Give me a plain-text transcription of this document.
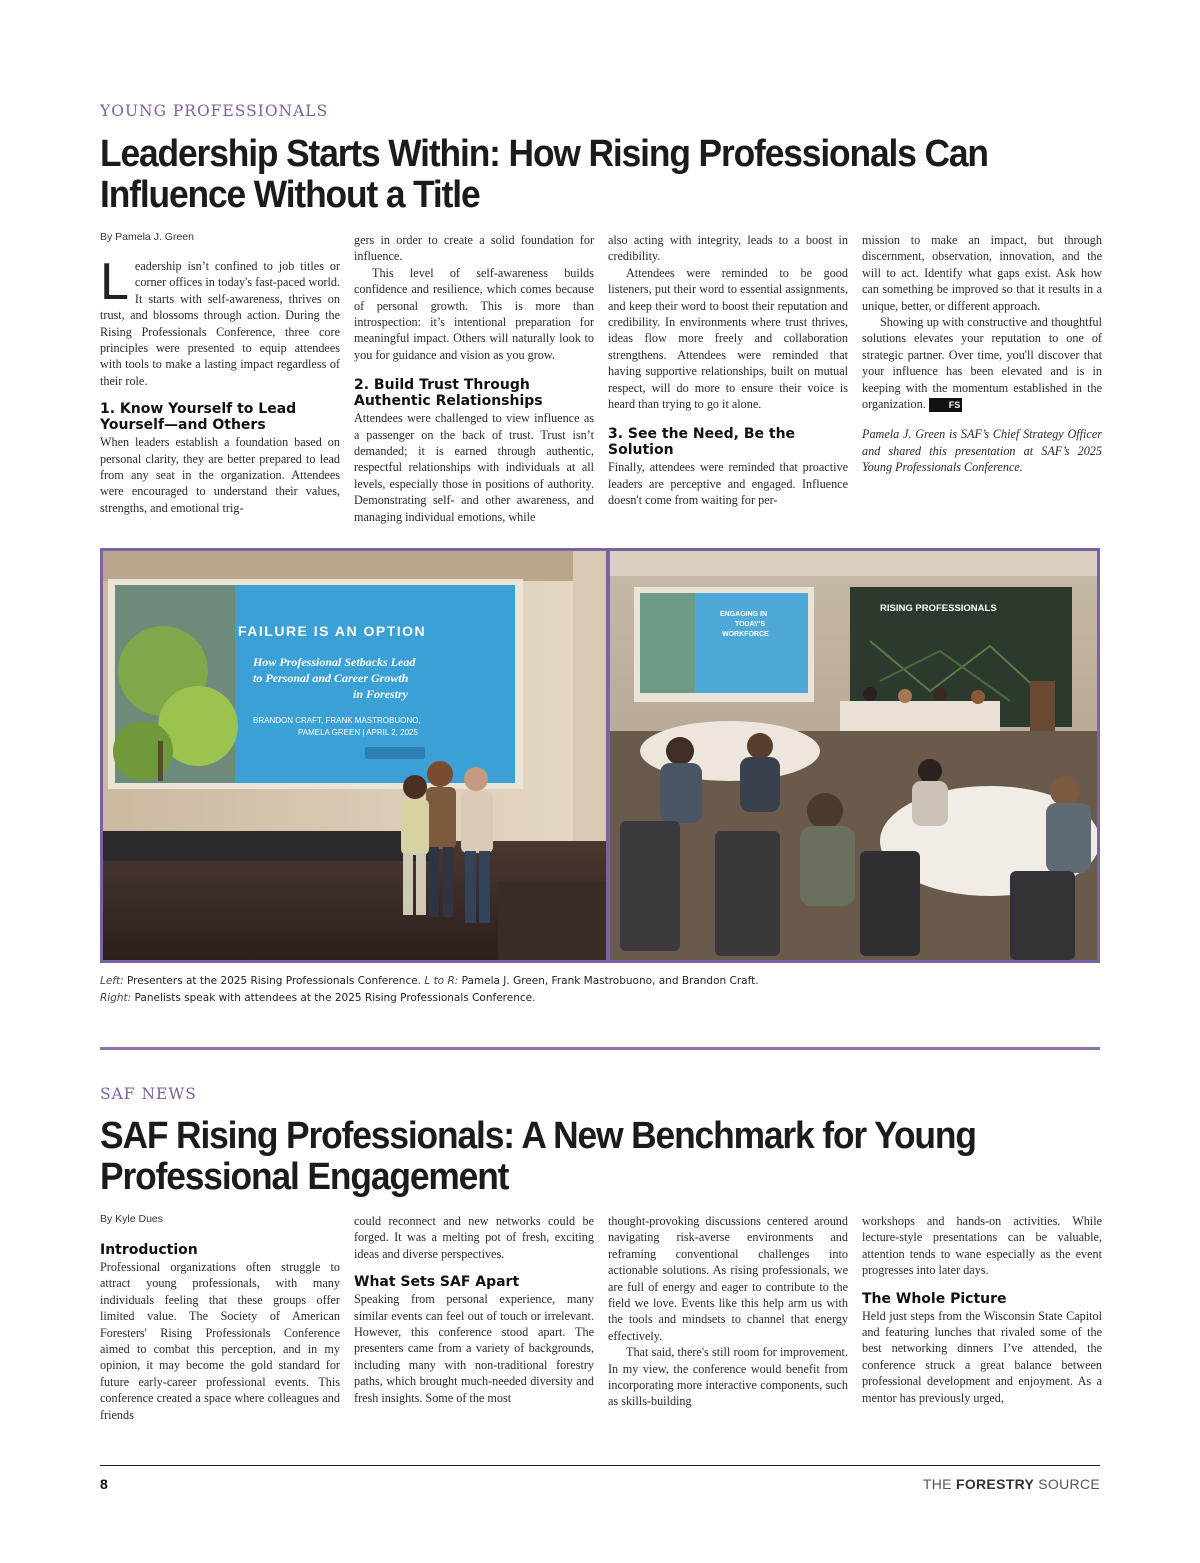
YOUNG PROFESSIONALS
Leadership Starts Within: How Rising Professionals Can Influence Without a Title
By Pamela J. Green

Leadership isn’t confined to job titles or corner offices in today's fast-paced world. It starts with self-awareness, thrives on trust, and blossoms through action. During the Rising Professionals Conference, three core principles were presented to equip attendees with tools to make a lasting impact regardless of their role.

1. Know Yourself to Lead Yourself—and Others

When leaders establish a foundation based on personal clarity, they are better prepared to lead from any seat in the organization. Attendees were encouraged to understand their values, strengths, and emotional trig-

gers in order to create a solid foundation for influence.

This level of self-awareness builds confidence and resilience, which comes because of personal growth. This is more than introspection: it’s intentional preparation for meaningful impact. Others will naturally look to you for guidance and vision as you grow.

2. Build Trust Through Authentic Relationships

Attendees were challenged to view influence as a passenger on the back of trust. Trust isn’t demanded; it is earned through authentic, respectful relationships with individuals at all levels, especially those in positions of authority. Demonstrating self- and other awareness, and managing individual emotions, while

also acting with integrity, leads to a boost in credibility.

Attendees were reminded to be good listeners, put their word to essential assignments, and keep their word to boost their reputation and credibility. In environments where trust thrives, ideas flow more freely and collaboration strengthens. Attendees were reminded that having supportive relationships, built on mutual respect, will do more to ensure their voice is heard than trying to go it alone.

3. See the Need, Be the Solution

Finally, attendees were reminded that proactive leaders are perceptive and engaged. Influence doesn't come from waiting for per-

mission to make an impact, but through discernment, observation, innovation, and the will to act. Identify what gaps exist. Ask how can something be improved so that it results in a unique, better, or different approach.

Showing up with constructive and thoughtful solutions elevates your reputation to one of strategic partner. Over time, you'll discover that your influence has been elevated and is in keeping with the momentum established in the organization.	FS

Pamela J. Green is SAF’s Chief Strategy Officer and shared this presentation at SAF’s 2025 Young Professionals Conference.

FAILURE IS AN OPTION
How Professional Setbacks Lead
to Personal and Career Growth
in Forestry
BRANDON CRAFT, FRANK MASTROBUONO,
PAMELA GREEN | APRIL 2, 2025
ENGAGING IN
TODAY'S
WORKFORCE
RISING PROFESSIONALS
Left: Presenters at the 2025 Rising Professionals Conference. L to R: Pamela J. Green, Frank Mastrobuono, and Brandon Craft.
Right: Panelists speak with attendees at the 2025 Rising Professionals Conference.
SAF NEWS
SAF Rising Professionals: A New Benchmark for Young Professional Engagement
By Kyle Dues
Introduction

Professional organizations often struggle to attract young professionals, with many individuals feeling that these groups offer limited value. The Society of American Foresters' Rising Professionals Conference aimed to combat this perception, and in my opinion, it may become the gold standard for future early-career professional events. This conference created a space where colleagues and friends

could reconnect and new networks could be forged. It was a melting pot of fresh, exciting ideas and diverse perspectives.

What Sets SAF Apart

Speaking from personal experience, many similar events can feel out of touch or irrelevant. However, this conference stood apart. The presenters came from a variety of backgrounds, including many with non-traditional forestry paths, which brought much-needed diversity and fresh insights. Some of the most

thought-provoking discussions centered around navigating risk-averse environments and reframing conventional challenges into actionable solutions. As rising professionals, we are full of energy and eager to contribute to the field we love. Events like this help arm us with the tools and mindsets to channel that energy effectively.

That said, there's still room for improvement. In my view, the conference would benefit from incorporating more interactive components, such as skills-building

workshops and hands-on activities. While lecture-style presentations can be valuable, attention tends to wane especially as the event progresses into later days.

The Whole Picture

Held just steps from the Wisconsin State Capitol and featuring lunches that rivaled some of the best networking dinners I’ve attended, the conference struck a great balance between professional development and enjoyment. As a mentor has previously urged,

8	THE FORESTRY SOURCE
